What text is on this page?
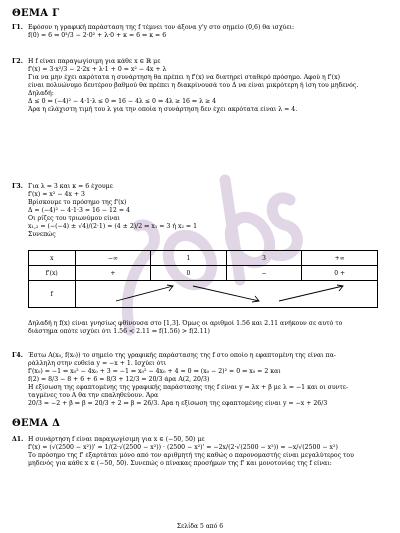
ΘΕΜΑ Γ
Γ1. Εφόσον η γραφική παράσταση της f τέμνει τον άξονα y'y στο σημείο (0,6) θα ισχύει:
f(0) = 6 ⇔ 0³/3 − 2·0² + λ·0 + κ = 6 ⇔ κ = 6
Γ2. Η f είναι παραγωγίσιμη για κάθε x ∈ ℝ με
f'(x) = 3·x²/3 − 2·2x + λ·1 + 0 = x² − 4x + λ
Για να μην έχει ακρότατα η συνάρτηση θα πρέπει η f'(x) να διατηρεί σταθερό πρόσημο. Αφού η f'(x)
είναι πολυώνυμο δευτέρου βαθμού θα πρέπει η διακρίνουσά του Δ να είναι μικρότερη ή ίση του μηδενός.
Δηλαδή:
Δ ≤ 0 ⇔ (−4)² − 4·1·λ ≤ 0 ⇔ 16 − 4λ ≤ 0 ⇔ 4λ ≥ 16 ⇔ λ ≥ 4
Άρα η ελάχιστη τιμή του λ για την οποία η συνάρτηση δεν έχει ακρότατα είναι λ = 4.
Γ3. Για λ = 3 και κ = 6 έχουμε
f'(x) = x² − 4x + 3
Βρίσκουμε το πρόσημο της f'(x)
Δ = (−4)² − 4·1·3 = 16 − 12 = 4
Οι ρίζες του τριωνύμου είναι
x₁,₂ = (−(−4) ± √4)/(2·1) = (4 ± 2)/2 ⇔ x₁ = 3 ή x₂ = 1
Συνεπώς
x	−∞	1	3	+∞
f'(x)	+	0	−	0 +
f	
Δηλαδή η f(x) είναι γνησίως φθίνουσα στο [1,3]. Όμως οι αριθμοί 1.56 και 2.11 ανήκουν σε αυτό το
διάστημα οπότε ισχύει ότι 1.56 < 2.11 ⇔ f(1.56) > f(2.11)
Γ4. Έστω A(x₀, f(x₀)) το σημείο της γραφικής παράστασης της f στο οποίο η εφαπτομένη της είναι πα-
ράλληλη στην ευθεία y = −x + 1. Ισχύει ότι
f'(x₀) = −1 ⇔ x₀² − 4x₀ + 3 = −1 ⇔ x₀² − 4x₀ + 4 = 0 ⇔ (x₀ − 2)² = 0 ⇔ x₀ = 2 και
f(2) = 8/3 − 8 + 6 + 6 = 8/3 + 12/3 = 20/3 άρα A(2, 20/3)
Η εξίσωση της εφαπτομένης της γραφικής παράστασης της f είναι y = λx + β με λ = −1 και οι συντε-
ταγμένες του A θα την επαληθεύουν. Άρα
20/3 = −2 + β ⇔ β = 20/3 + 2 ⇔ β = 26/3. Άρα η εξίσωση της εφαπτομένης είναι y = −x + 26/3
ΘΕΜΑ Δ
Δ1. Η συνάρτηση f είναι παραγωγίσιμη για x ∈ (−50, 50) με
f'(x) = (√(2500 − x²))' = 1/(2·√(2500 − x²)) · (2500 − x²)' = −2x/(2·√(2500 − x²)) = −x/√(2500 − x²)
Το πρόσημο της f' εξαρτάται μόνο από τον αριθμητή της καθώς ο παρονομαστής είναι μεγαλύτερος του
μηδενός για κάθε x ∈ (−50, 50). Συνεπώς ο πίνακας προσήμων της f' και μονοτονίας της f είναι:
Σελίδα 5 από 6
